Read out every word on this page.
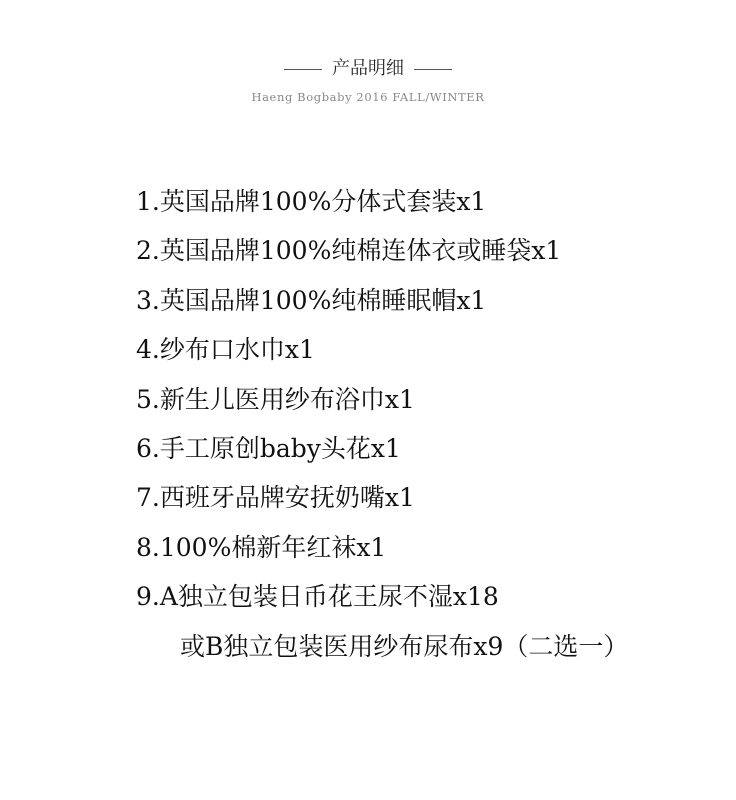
产品明细
Haeng Bogbaby 2016 FALL/WINTER
1.英国品牌100%分体式套装x1
2.英国品牌100%纯棉连体衣或睡袋x1
3.英国品牌100%纯棉睡眠帽x1
4.纱布口水巾x1
5.新生儿医用纱布浴巾x1
6.手工原创baby头花x1
7.西班牙品牌安抚奶嘴x1
8.100%棉新年红袜x1
9.A独立包装日币花王尿不湿x18
或B独立包装医用纱布尿布x9（二选一）
